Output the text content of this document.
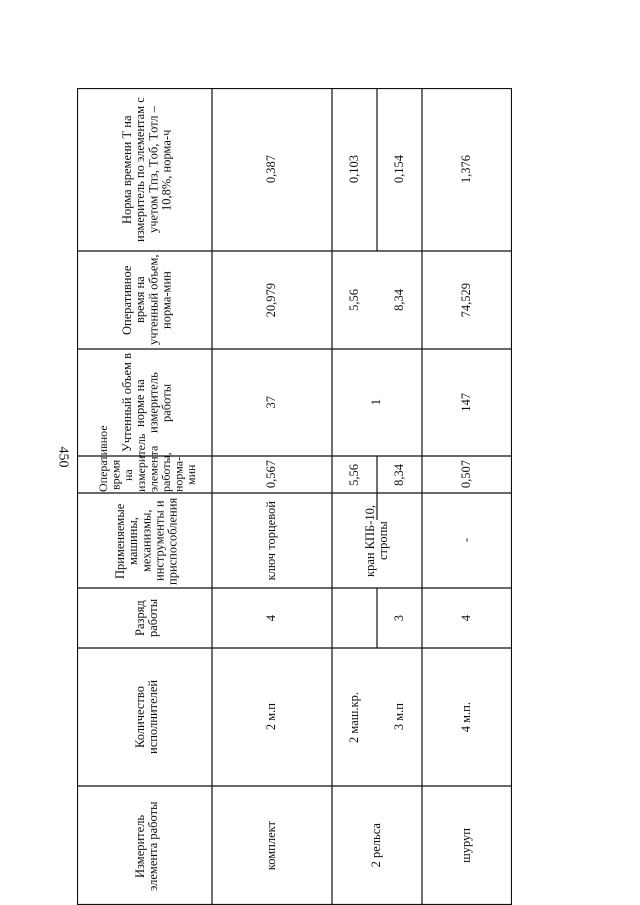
450
Норма времени Т на измеритель по элементам с учетом Tпз, Tоб, Tотл – 10,8%, норма-ч
Оперативное время на учтенный объем, норма-мин
Учтенный объем в норме на измеритель работы
Оперативное время на измеритель элемента работы, норма-мин
Применяемые машины, механизмы, инструменты и приспособления
Разряд работы
Количество исполнителей
Измеритель элемента работы
0,387
20,979
37
0,567
ключ торцевой
4
2 м.п
комплект
0,103 0,154
5,56 8,34
1
5,56 8,34
кран КПБ-10, стропы
3
2 маш.кр. 3 м.п
2 рельса
1,376
74,529
147
0,507
-
4
4 м.п.
шуруп
